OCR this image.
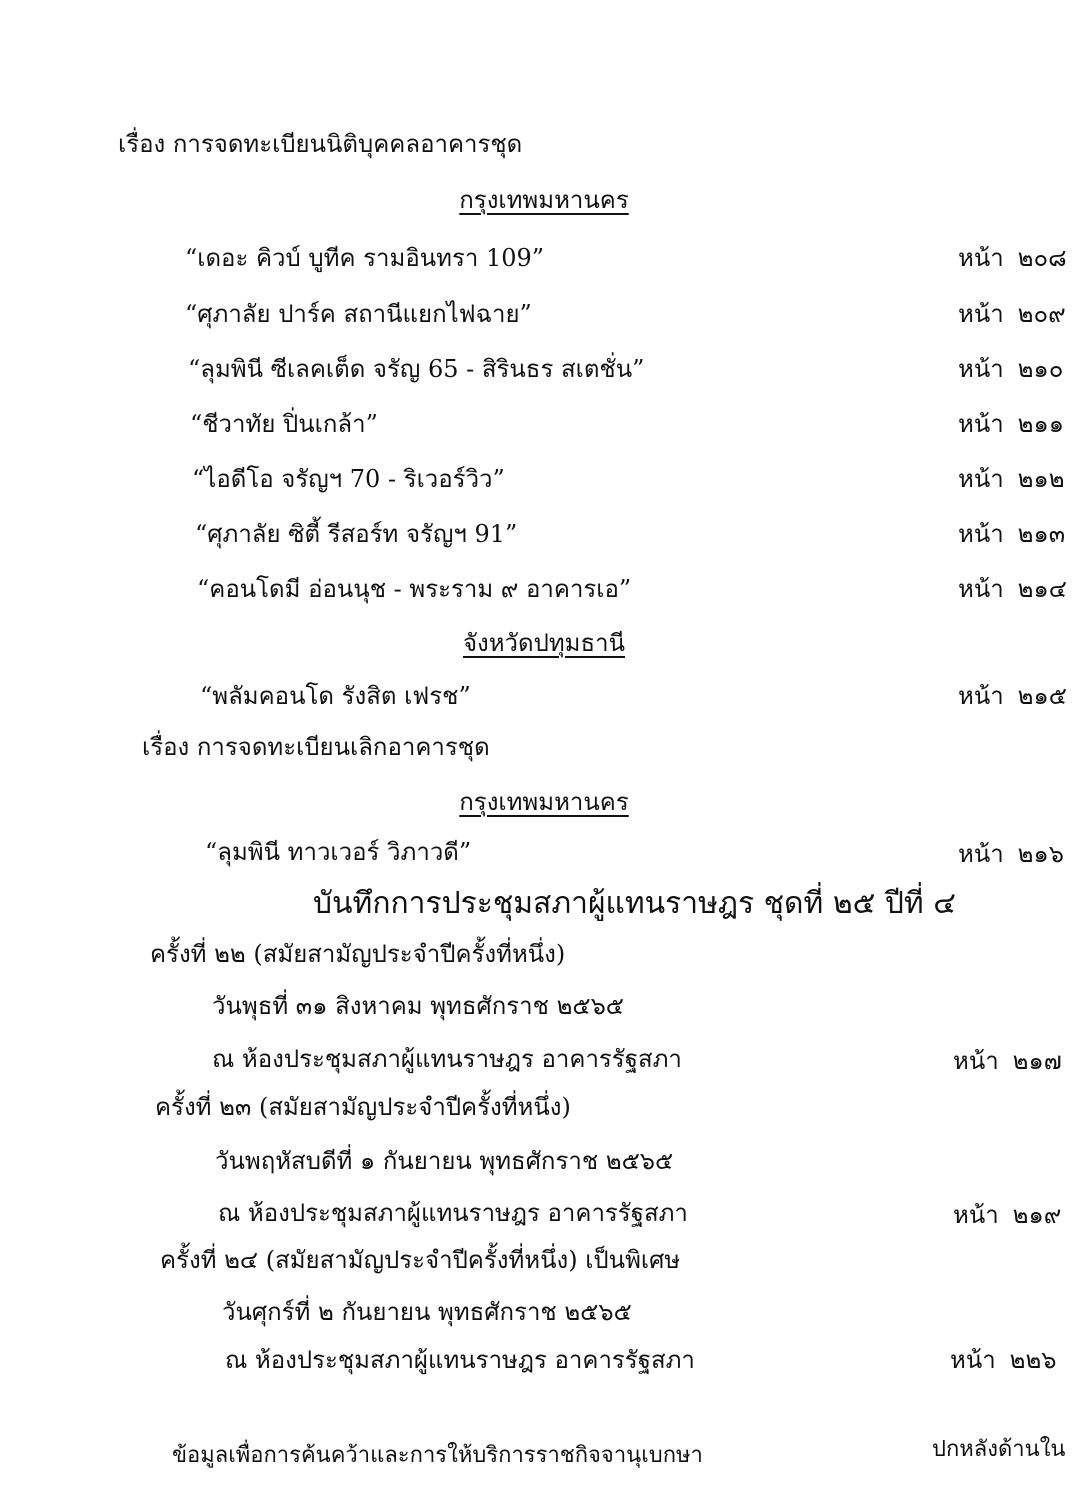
เรื่อง การจดทะเบียนนิติบุคคลอาคารชุด
กรุงเทพมหานคร
“เดอะ คิวบ์ บูทีค รามอินทรา 109”	หน้า ๒๐๘
“ศุภาลัย ปาร์ค สถานีแยกไฟฉาย”	หน้า ๒๐๙
“ลุมพินี ซีเลคเต็ด จรัญ 65 - สิรินธร สเตชั่น”	หน้า ๒๑๐
“ชีวาทัย ปิ่นเกล้า”	หน้า ๒๑๑
“ไอดีโอ จรัญฯ 70 - ริเวอร์วิว”	หน้า ๒๑๒
“ศุภาลัย ซิตี้ รีสอร์ท จรัญฯ 91”	หน้า ๒๑๓
“คอนโดมี อ่อนนุช - พระราม ๙ อาคารเอ”	หน้า ๒๑๔
จังหวัดปทุมธานี
“พลัมคอนโด รังสิต เฟรช”	หน้า ๒๑๕
เรื่อง การจดทะเบียนเลิกอาคารชุด
กรุงเทพมหานคร
“ลุมพินี ทาวเวอร์ วิภาวดี”	หน้า ๒๑๖
บันทึกการประชุมสภาผู้แทนราษฎร ชุดที่ ๒๕ ปีที่ ๔
ครั้งที่ ๒๒ (สมัยสามัญประจำปีครั้งที่หนึ่ง)
วันพุธที่ ๓๑ สิงหาคม พุทธศักราช ๒๕๖๕
ณ ห้องประชุมสภาผู้แทนราษฎร อาคารรัฐสภา	หน้า ๒๑๗
ครั้งที่ ๒๓ (สมัยสามัญประจำปีครั้งที่หนึ่ง)
วันพฤหัสบดีที่ ๑ กันยายน พุทธศักราช ๒๕๖๕
ณ ห้องประชุมสภาผู้แทนราษฎร อาคารรัฐสภา	หน้า ๒๑๙
ครั้งที่ ๒๔ (สมัยสามัญประจำปีครั้งที่หนึ่ง) เป็นพิเศษ
วันศุกร์ที่ ๒ กันยายน พุทธศักราช ๒๕๖๕
ณ ห้องประชุมสภาผู้แทนราษฎร อาคารรัฐสภา	หน้า ๒๒๖
ข้อมูลเพื่อการค้นคว้าและการให้บริการราชกิจจานุเบกษา	ปกหลังด้านใน
